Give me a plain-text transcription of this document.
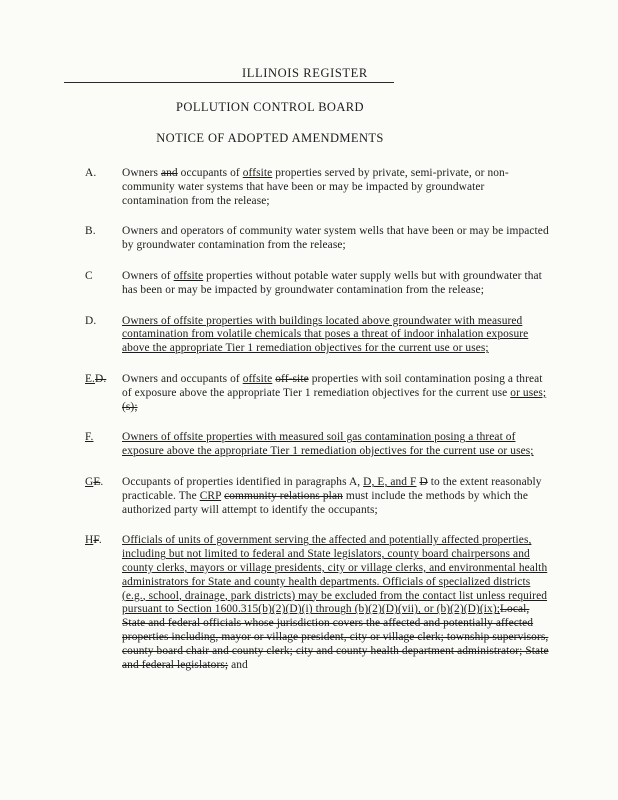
ILLINOIS REGISTER
POLLUTION CONTROL BOARD
NOTICE OF ADOPTED AMENDMENTS
A.	Owners and occupants of offsite properties served by private, semi-private, or non-community water systems that have been or may be impacted by groundwater contamination from the release;
B.	Owners and operators of community water system wells that have been or may be impacted by groundwater contamination from the release;
C	Owners of offsite properties without potable water supply wells but with groundwater that has been or may be impacted by groundwater contamination from the release;
D.	Owners of offsite properties with buildings located above groundwater with measured contamination from volatile chemicals that poses a threat of indoor inhalation exposure above the appropriate Tier 1 remediation objectives for the current use or uses;
E.D.	Owners and occupants of offsite off-site properties with soil contamination posing a threat of exposure above the appropriate Tier 1 remediation objectives for the current use or uses;(s);
F.	Owners of offsite properties with measured soil gas contamination posing a threat of exposure above the appropriate Tier 1 remediation objectives for the current use or uses;
GE.	Occupants of properties identified in paragraphs A, D, E, and F D to the extent reasonably practicable. The CRP community relations plan must include the methods by which the authorized party will attempt to identify the occupants;
HF.	Officials of units of government serving the affected and potentially affected properties, including but not limited to federal and State legislators, county board chairpersons and county clerks, mayors or village presidents, city or village clerks, and environmental health administrators for State and county health departments. Officials of specialized districts (e.g., school, drainage, park districts) may be excluded from the contact list unless required pursuant to Section 1600.315(b)(2)(D)(i) through (b)(2)(D)(vii), or (b)(2)(D)(ix);Local, State and federal officials whose jurisdiction covers the affected and potentially affected properties including, mayor or village president, city or village clerk; township supervisors, county board chair and county clerk; city and county health department administrator; State and federal legislators; and
